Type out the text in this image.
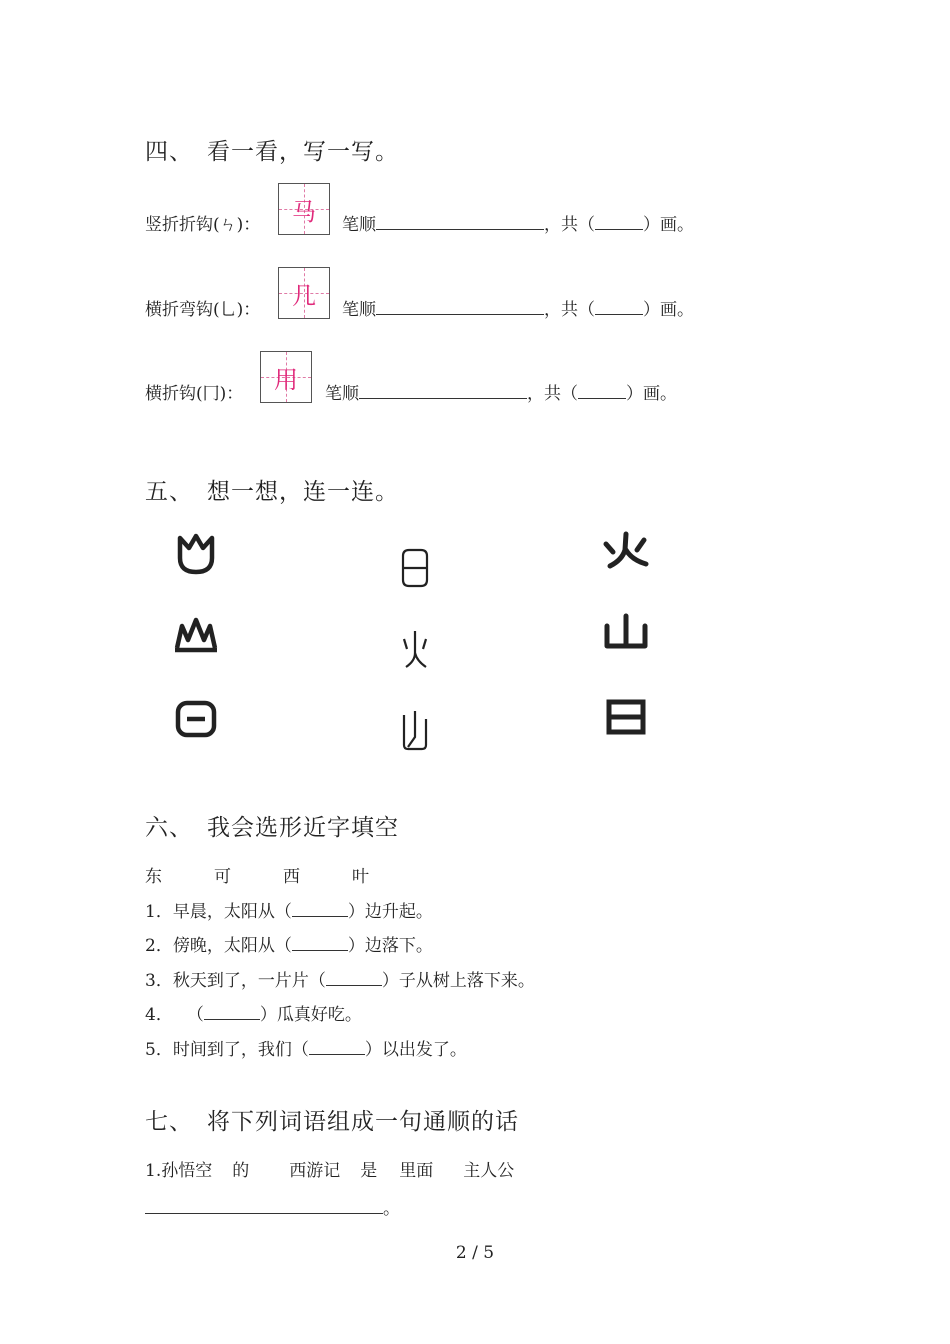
四、 看一看，写一写。
竖折折钩(ㄣ)：	马	笔顺	，共（	）画。
横折弯钩(乚)：	几	笔顺	，共（	）画。
横折钩(⼌)：	用	笔顺	，共（	）画。
五、 想一想，连一连。
六、 我会选形近字填空
东	可	西	叶
1．早晨，太阳从（	）边升起。
2．傍晚，太阳从（	）边落下。
3．秋天到了，一片片（	）子从树上落下来。
4． （	）瓜真好吃。
5．时间到了，我们（	）以出发了。
七、 将下列词语组成一句通顺的话
1.孙悟空 的 西游记 是 里面 主人公
。
2 / 5
